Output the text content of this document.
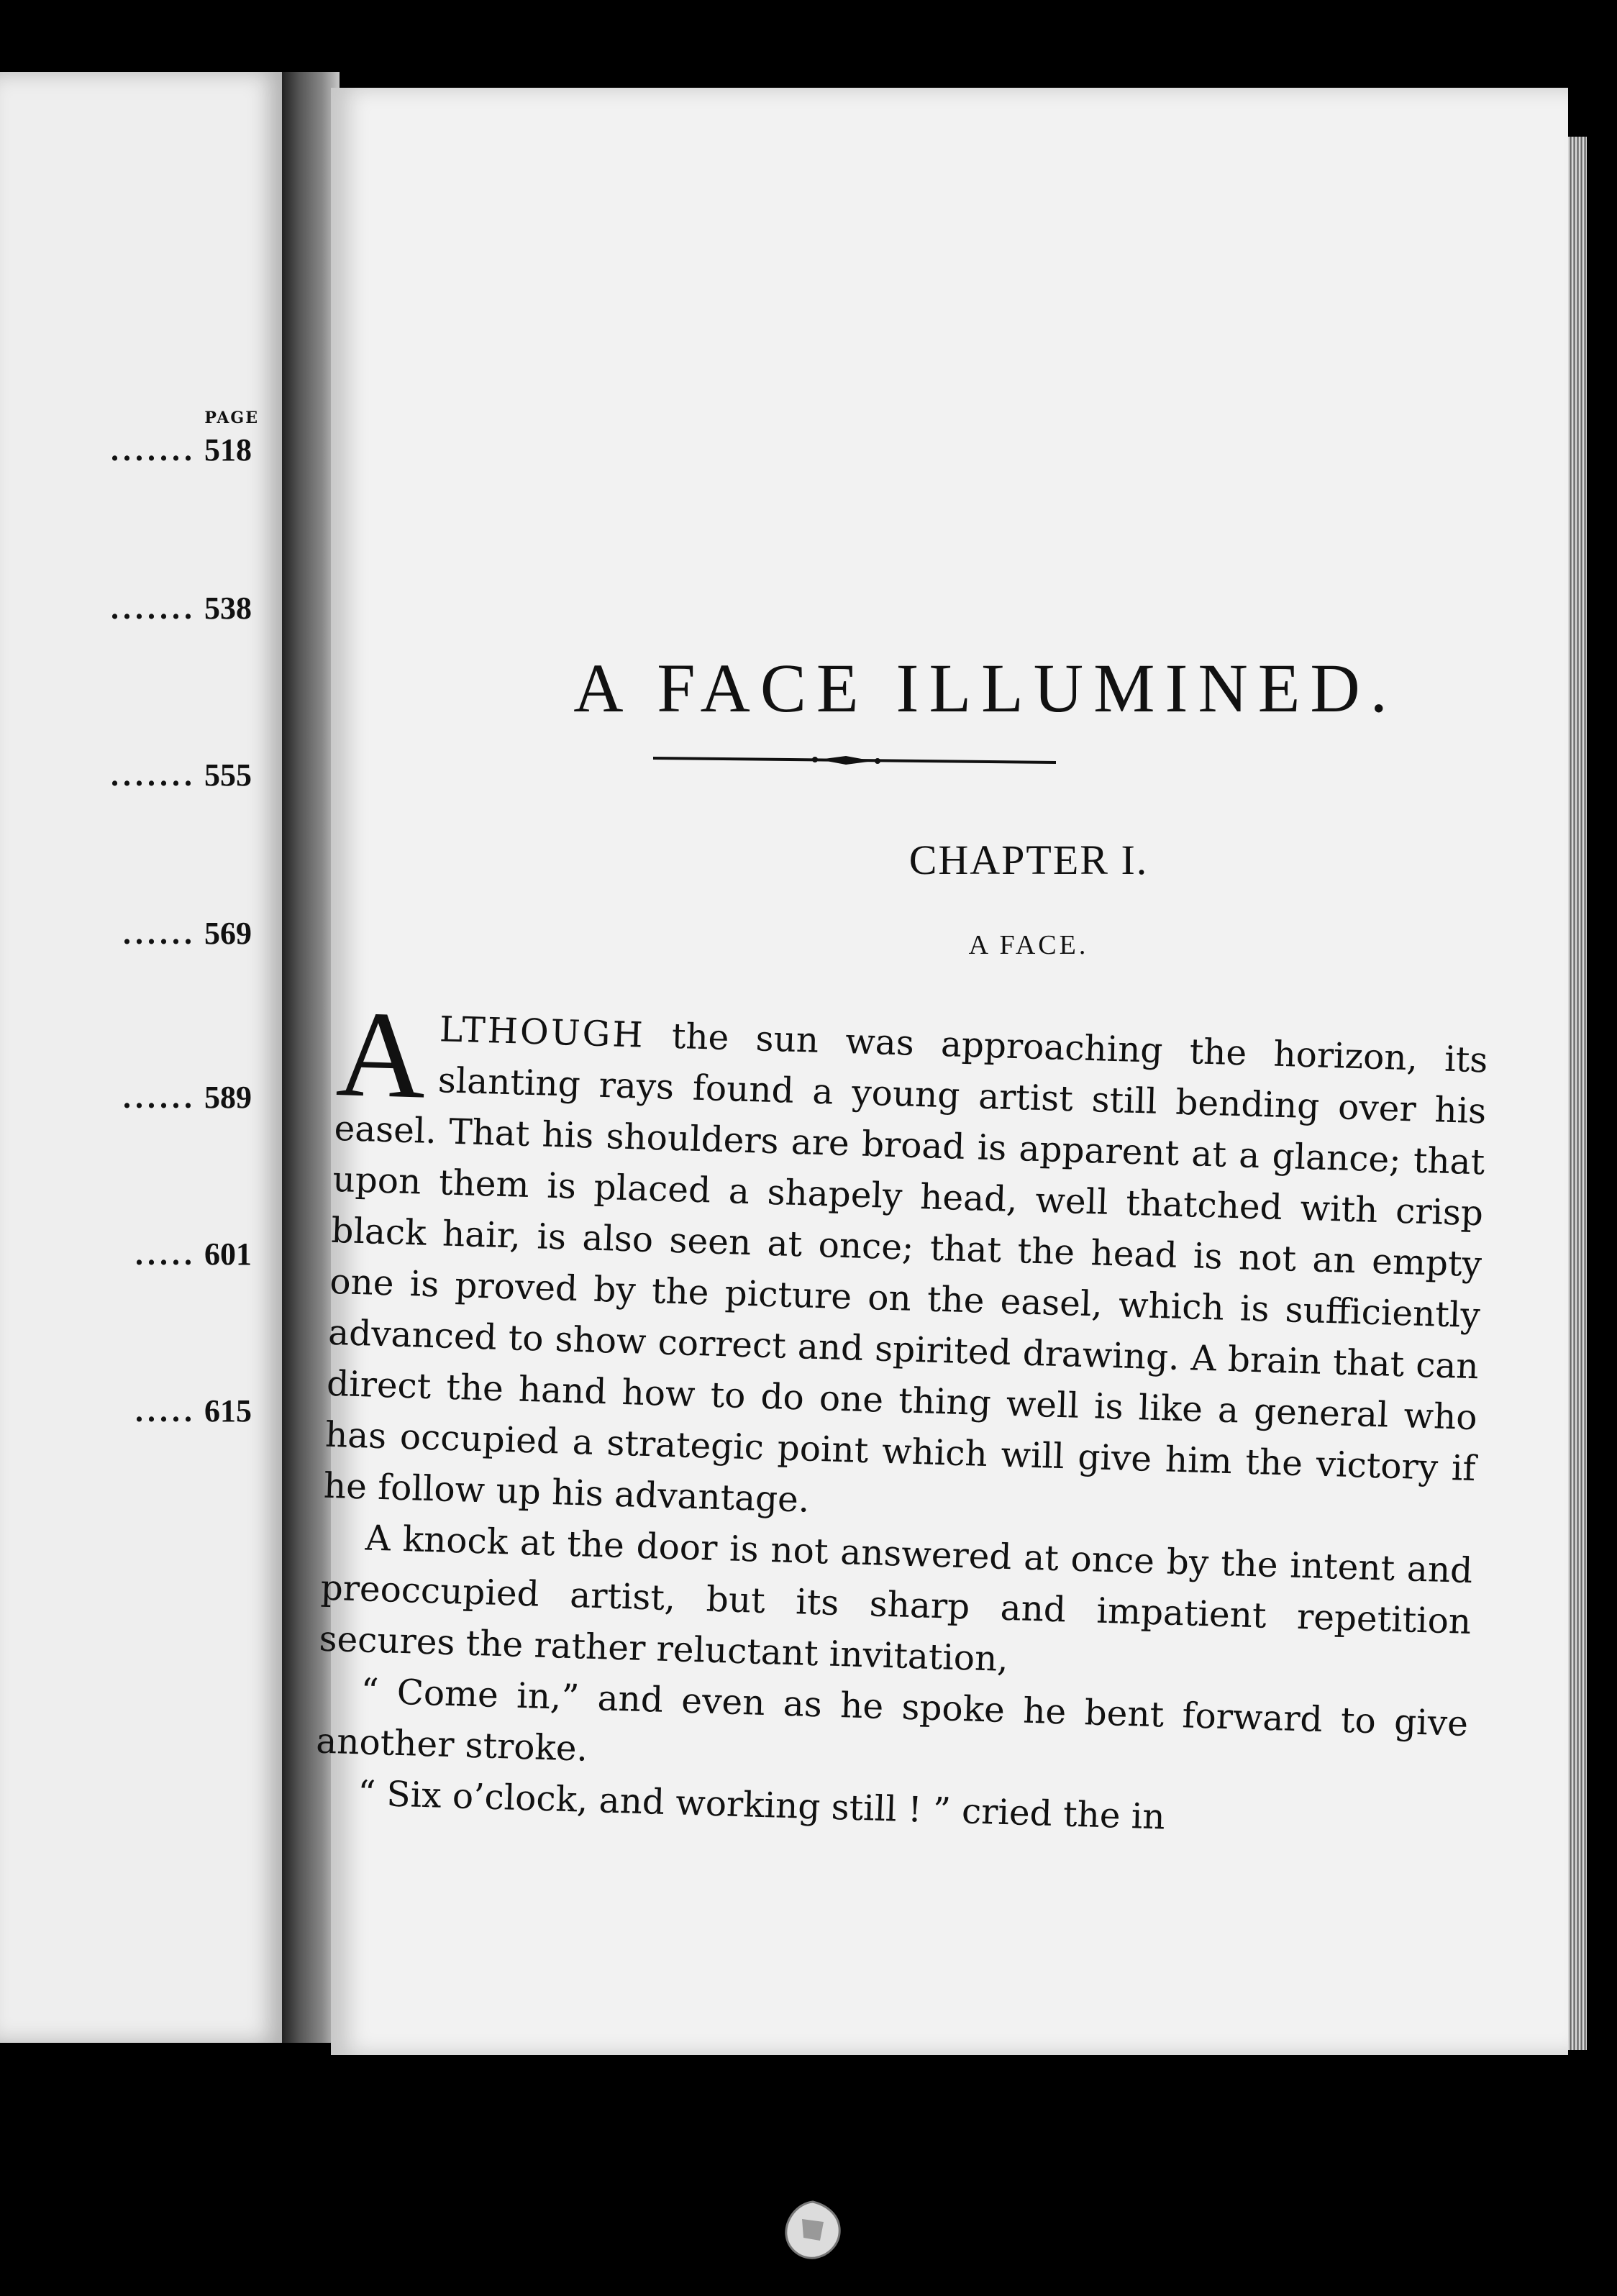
PAGE
....... 518
....... 538
....... 555
...... 569
...... 589
..... 601
..... 615
A FACE ILLUMINED.
CHAPTER I.
A FACE.

ALTHOUGH the sun was approaching the horizon, its slanting rays found a young artist still bending over his easel. That his shoulders are broad is apparent at a glance; that upon them is placed a shapely head, well thatched with crisp black hair, is also seen at once; that the head is not an empty one is proved by the picture on the easel, which is sufficiently advanced to show correct and spirited drawing. A brain that can direct the hand how to do one thing well is like a general who has occupied a strategic point which will give him the victory if he follow up his advantage.

A knock at the door is not answered at once by the intent and preoccupied artist, but its sharp and impatient repetition secures the rather reluctant invitation,

“ Come in,” and even as he spoke he bent forward to give another stroke.

“ Six o’clock, and working still ! ” cried the in
